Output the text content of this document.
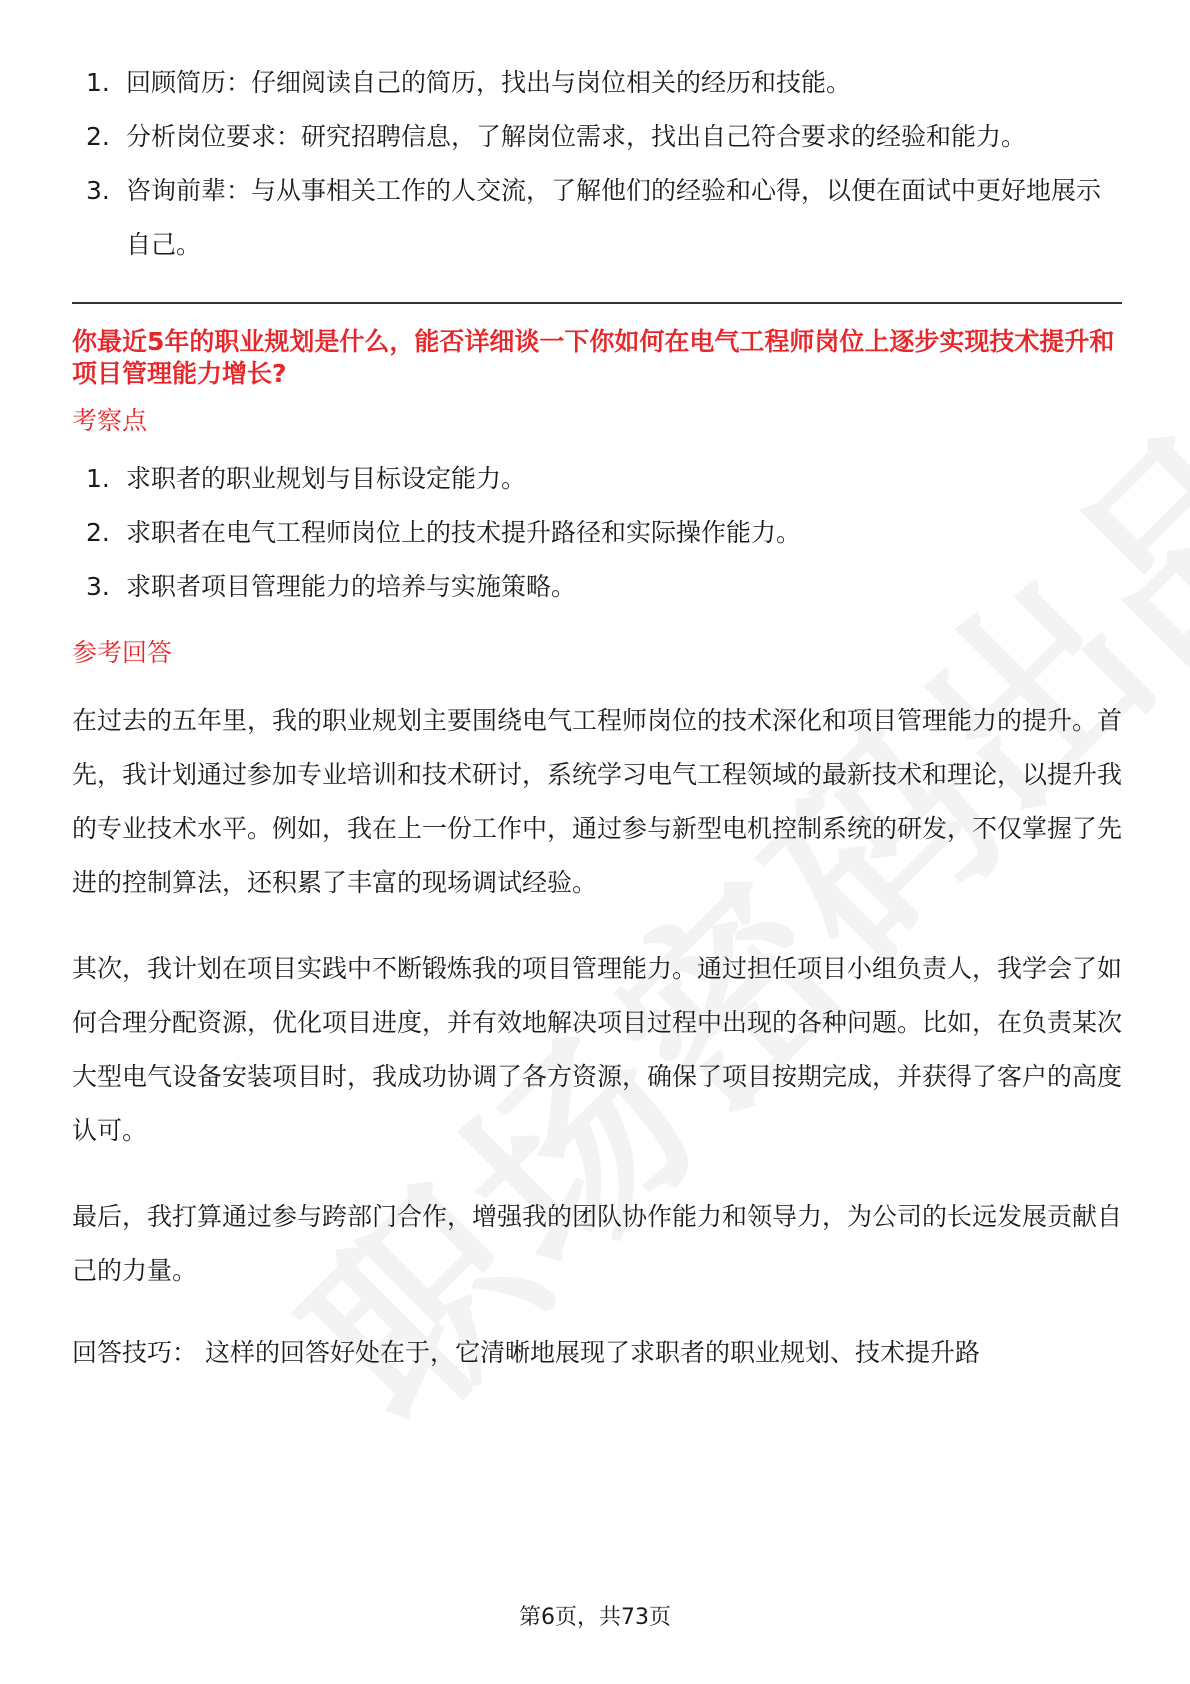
1. 回顾简历：仔细阅读自己的简历，找出与岗位相关的经历和技能。
2. 分析岗位要求：研究招聘信息，了解岗位需求，找出自己符合要求的经验和能力。
3. 咨询前辈：与从事相关工作的人交流，了解他们的经验和心得，以便在面试中更好地展示自己。
你最近5年的职业规划是什么，能否详细谈一下你如何在电气工程师岗位上逐步实现技术提升和项目管理能力增长?
考察点
1. 求职者的职业规划与目标设定能力。
2. 求职者在电气工程师岗位上的技术提升路径和实际操作能力。
3. 求职者项目管理能力的培养与实施策略。
参考回答

在过去的五年里，我的职业规划主要围绕电气工程师岗位的技术深化和项目管理能力的提升。首先，我计划通过参加专业培训和技术研讨，系统学习电气工程领域的最新技术和理论，以提升我的专业技术水平。例如，我在上一份工作中，通过参与新型电机控制系统的研发，不仅掌握了先进的控制算法，还积累了丰富的现场调试经验。

其次，我计划在项目实践中不断锻炼我的项目管理能力。通过担任项目小组负责人，我学会了如何合理分配资源，优化项目进度，并有效地解决项目过程中出现的各种问题。比如，在负责某次大型电气设备安装项目时，我成功协调了各方资源，确保了项目按期完成，并获得了客户的高度认可。

最后，我打算通过参与跨部门合作，增强我的团队协作能力和领导力，为公司的长远发展贡献自己的力量。

回答技巧： 这样的回答好处在于，它清晰地展现了求职者的职业规划、技术提升路
第6页，共73页
